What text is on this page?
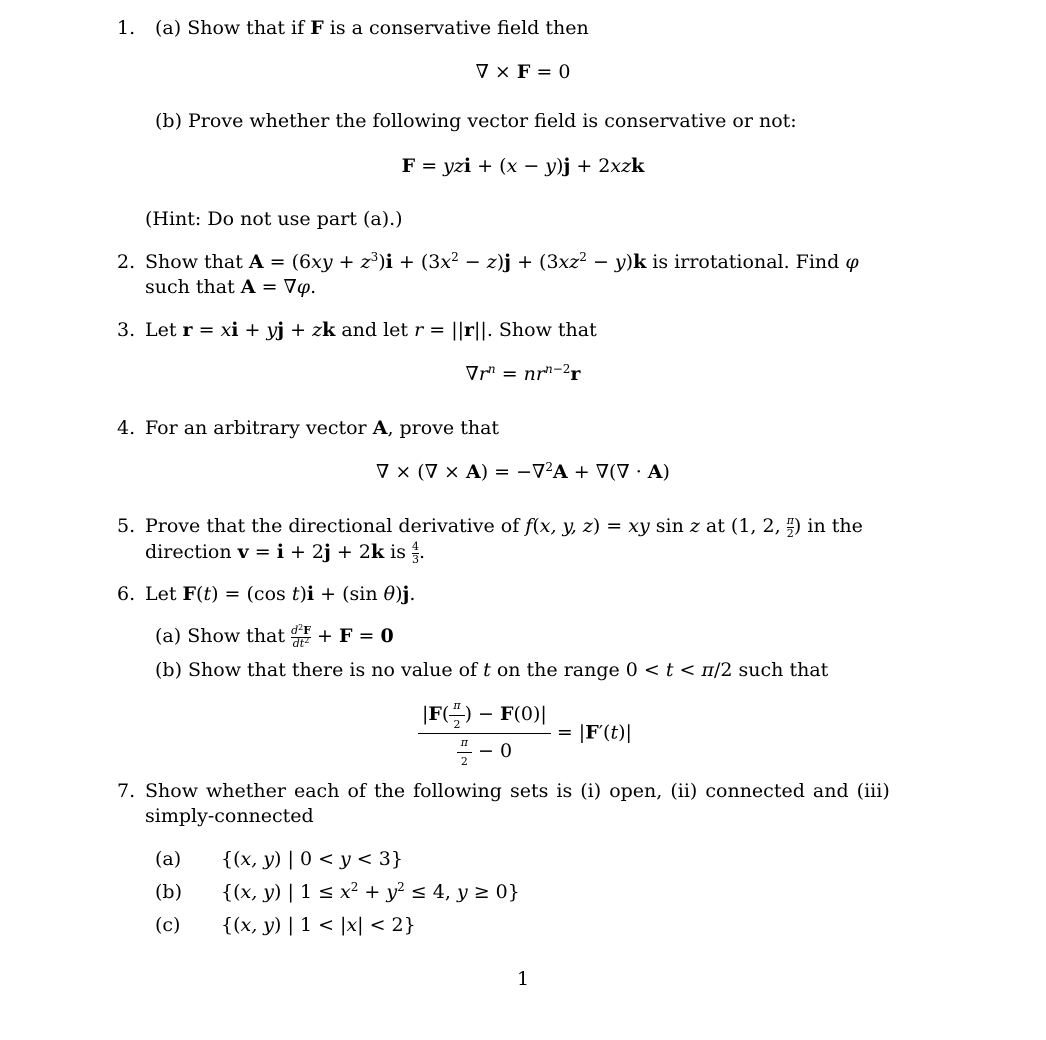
1. (a) Show that if F is a conservative field then
∇ × F = 0
(b) Prove whether the following vector field is conservative or not:
F = yzi + (x − y)j + 2xzk
(Hint: Do not use part (a).)
2. Show that $A = (6xy + z^3)i + (3x^2 - z)j + (3xz^2 - y)k$ is irrotational. Find φ
such that A = ∇φ.
3. Let r = xi + yj + zk and let r = ||r||. Show that
$\nabla r^n = nr^{n-2}r$
4. For an arbitrary vector A, prove that
∇ × (∇ × A) = −∇$^2$A + ∇(∇ · A)
5. Prove that the directional derivative of f(x, y, z) = xy sin z at (1, 2, $\frac{\pi}{2}$ ) in the
direction v = i + 2j + 2k is $\frac{4}{3}$ .
6. Let F(t) = (cos t)i + (sin θ)j.
(a) Show that $\frac{d^2F}{dt^2} + F = 0$
(b) Show that there is no value of t on the range 0 < t < π/2 such that
$\frac{|F( \frac{\pi}{2} ) - F(0)|}{\frac{\pi}{2} - 0} = |F'(t)|$
7. Show whether each of the following sets is (i) open, (ii) connected and (iii)
simply-connected
(a) {(x, y) | 0 < y < 3}
(b) {(x, y) | $1 \le x^2 + y^2 \le 4$, y ≥ 0}
(c) {(x, y) | 1 < |x| < 2}
1
